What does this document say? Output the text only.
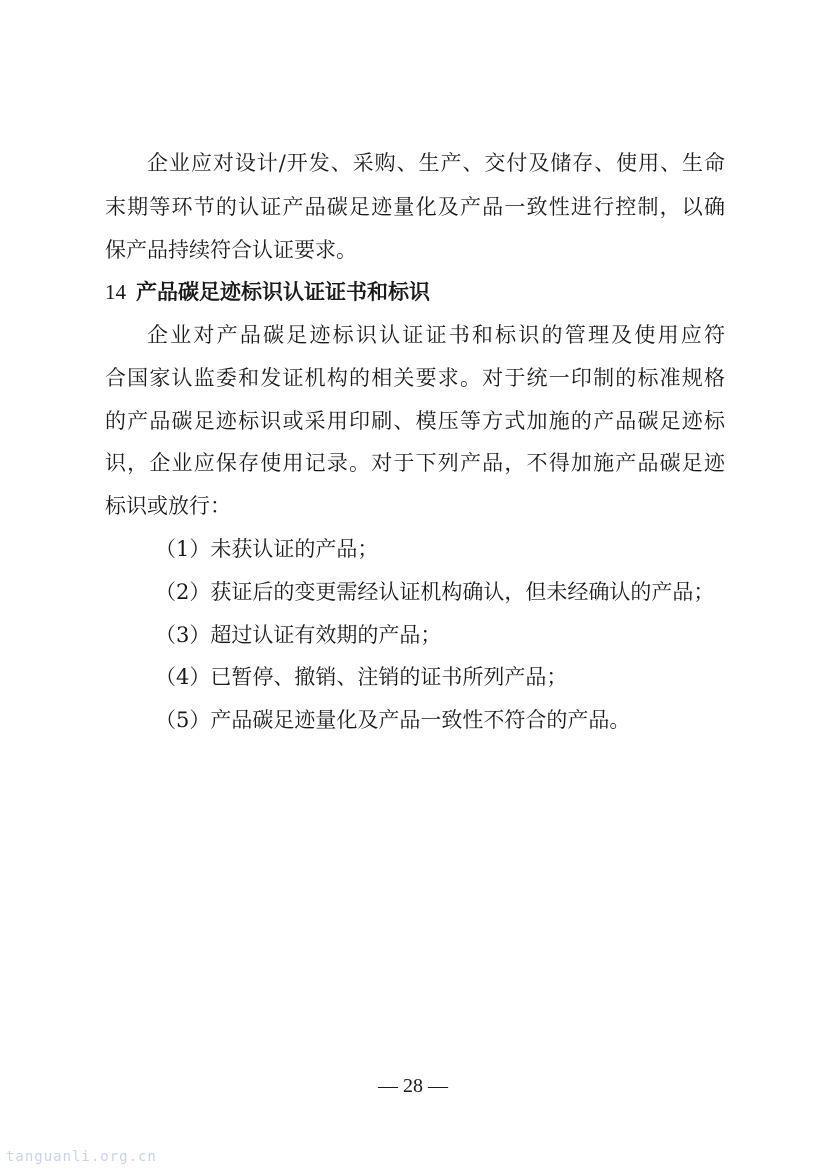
企业应对设计/开发、采购、生产、交付及储存、使用、生命
末期等环节的认证产品碳足迹量化及产品一致性进行控制，以确
保产品持续符合认证要求。
14 产品碳足迹标识认证证书和标识
企业对产品碳足迹标识认证证书和标识的管理及使用应符
合国家认监委和发证机构的相关要求。对于统一印制的标准规格
的产品碳足迹标识或采用印刷、模压等方式加施的产品碳足迹标
识，企业应保存使用记录。对于下列产品，不得加施产品碳足迹
标识或放行：
（1）未获认证的产品；
（2）获证后的变更需经认证机构确认，但未经确认的产品；
（3）超过认证有效期的产品；
（4）已暂停、撤销、注销的证书所列产品；
（5）产品碳足迹量化及产品一致性不符合的产品。
— 28 —
tanguanli.org.cn
